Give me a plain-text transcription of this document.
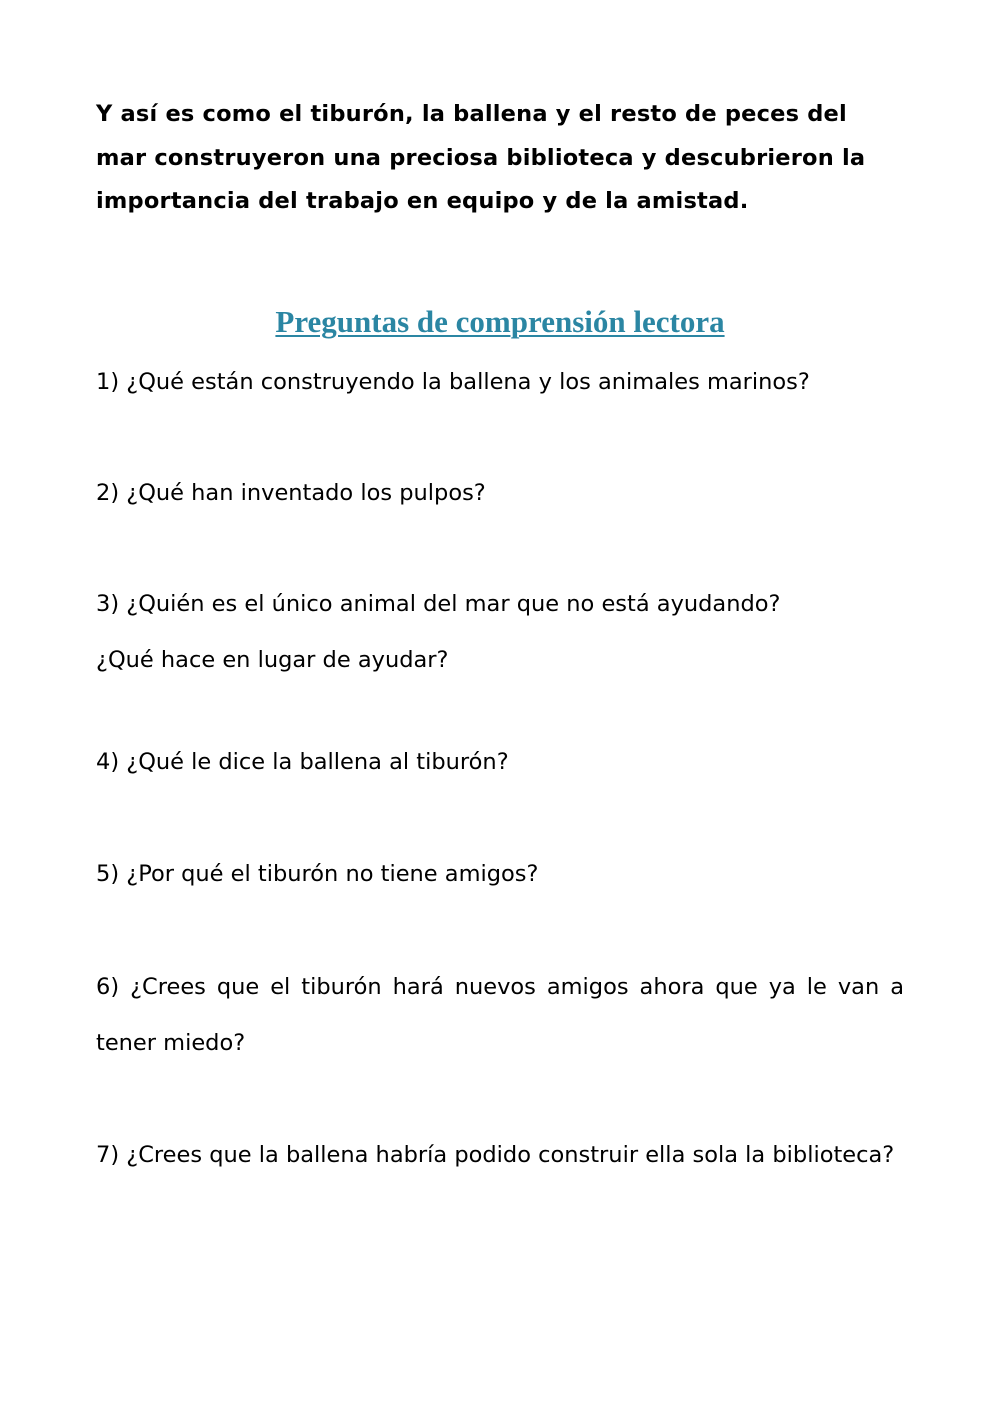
Y así es como el tiburón, la ballena y el resto de peces del mar construyeron una preciosa biblioteca y descubrieron la importancia del trabajo en equipo y de la amistad.

Preguntas de comprensión lectora

1) ¿Qué están construyendo la ballena y los animales marinos?

2) ¿Qué han inventado los pulpos?

3) ¿Quién es el único animal del mar que no está ayudando?
¿Qué hace en lugar de ayudar?

4) ¿Qué le dice la ballena al tiburón?

5) ¿Por qué el tiburón no tiene amigos?

6) ¿Crees que el tiburón hará nuevos amigos ahora que ya le van a tener miedo?

7) ¿Crees que la ballena habría podido construir ella sola la biblioteca?
